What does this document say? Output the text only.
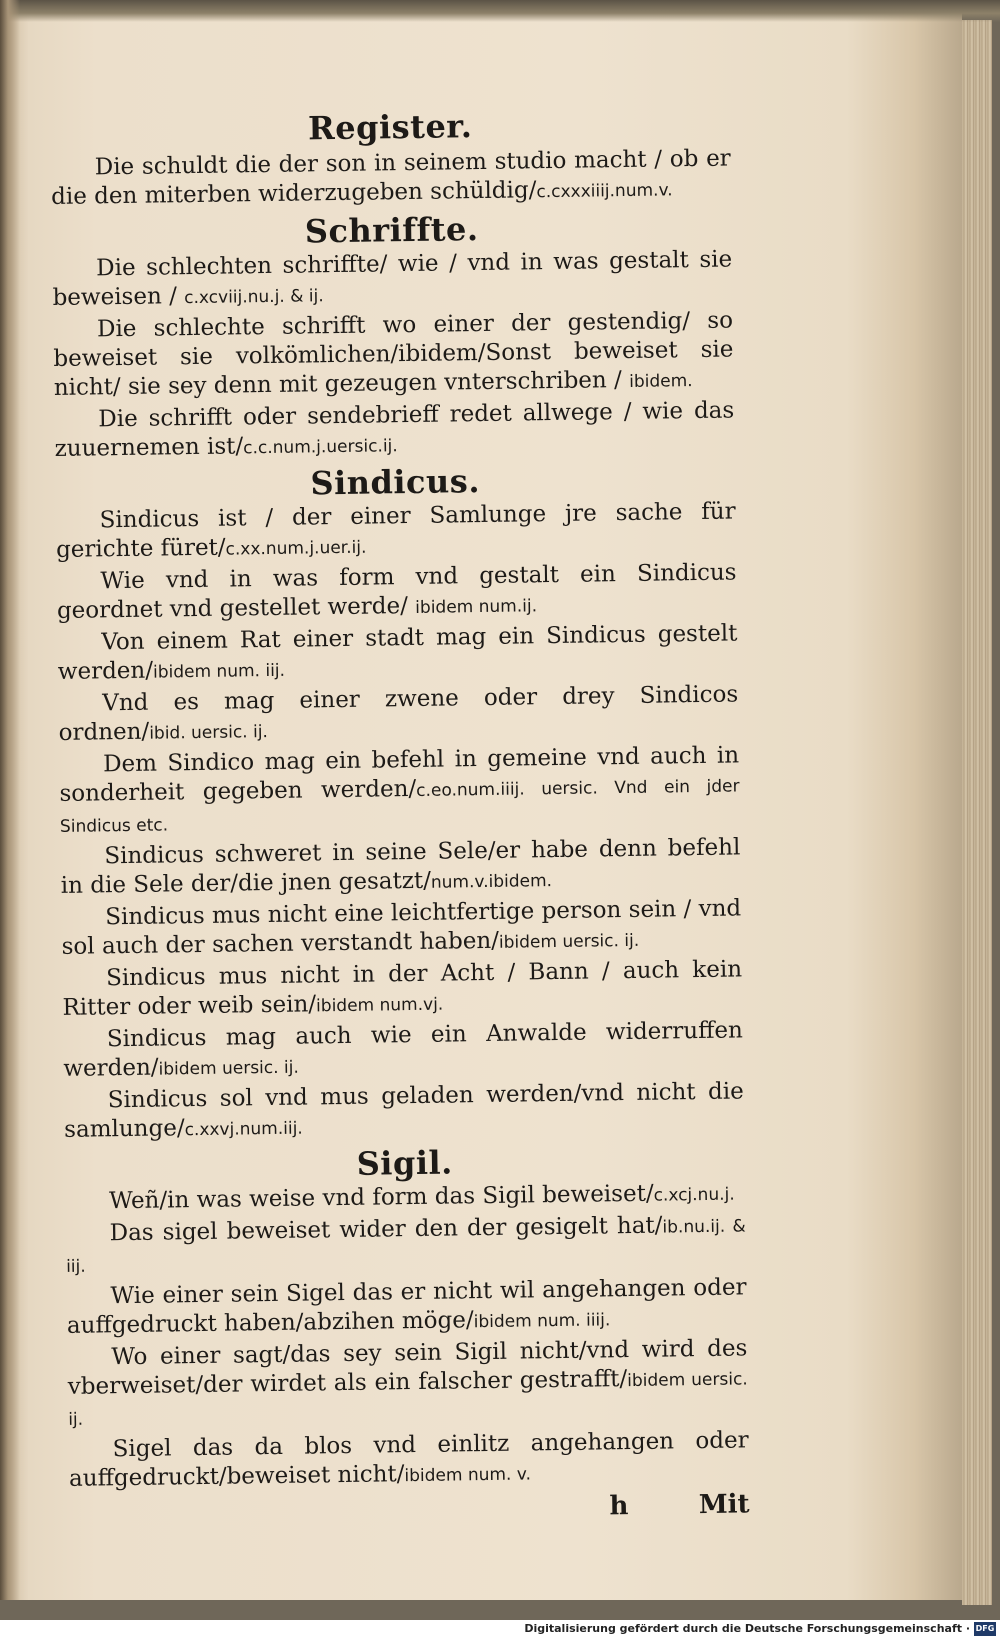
Register.
Die schuldt die der son in seinem studio macht / ob er die den miterben widerzugeben schüldig/c.cxxxiiij.num.v.
Schriffte.
Die schlechten schriffte/ wie / vnd in was gestalt sie beweisen / c.xcviij.nu.j. & ij.
Die schlechte schrifft wo einer der gestendig/ so beweiset sie volkömlichen/ibidem/Sonst beweiset sie nicht/ sie sey denn mit gezeugen vnterschriben / ibidem.
Die schrifft oder sendebrieff redet allwege / wie das zuuernemen ist/c.c.num.j.uersic.ij.
Sindicus.
Sindicus ist / der einer Samlunge jre sache für gerichte füret/c.xx.num.j.uer.ij.
Wie vnd in was form vnd gestalt ein Sindicus geordnet vnd gestellet werde/ ibidem num.ij.
Von einem Rat einer stadt mag ein Sindicus gestelt werden/ibidem num. iij.
Vnd es mag einer zwene oder drey Sindicos ordnen/ibid. uersic. ij.
Dem Sindico mag ein befehl in gemeine vnd auch in sonderheit gegeben werden/c.eo.num.iiij. uersic. Vnd ein jder Sindicus etc.
Sindicus schweret in seine Sele/er habe denn befehl in die Sele der/die jnen gesatzt/num.v.ibidem.
Sindicus mus nicht eine leichtfertige person sein / vnd sol auch der sachen verstandt haben/ibidem uersic. ij.
Sindicus mus nicht in der Acht / Bann / auch kein Ritter oder weib sein/ibidem num.vj.
Sindicus mag auch wie ein Anwalde widerruffen werden/ibidem uersic. ij.
Sindicus sol vnd mus geladen werden/vnd nicht die samlunge/c.xxvj.num.iij.
Sigil.
Weñ/in was weise vnd form das Sigil beweiset/c.xcj.nu.j.
Das sigel beweiset wider den der gesigelt hat/ib.nu.ij. & iij.
Wie einer sein Sigel das er nicht wil angehangen oder auffgedruckt haben/abzihen möge/ibidem num. iiij.
Wo einer sagt/das sey sein Sigil nicht/vnd wird des vberweiset/der wirdet als ein falscher gestrafft/ibidem uersic. ij.
Sigel das da blos vnd einlitz angehangen oder auffgedruckt/beweiset nicht/ibidem num. v.
h	Mit
Digitalisierung gefördert durch die Deutsche Forschungsgemeinschaft · DFG
